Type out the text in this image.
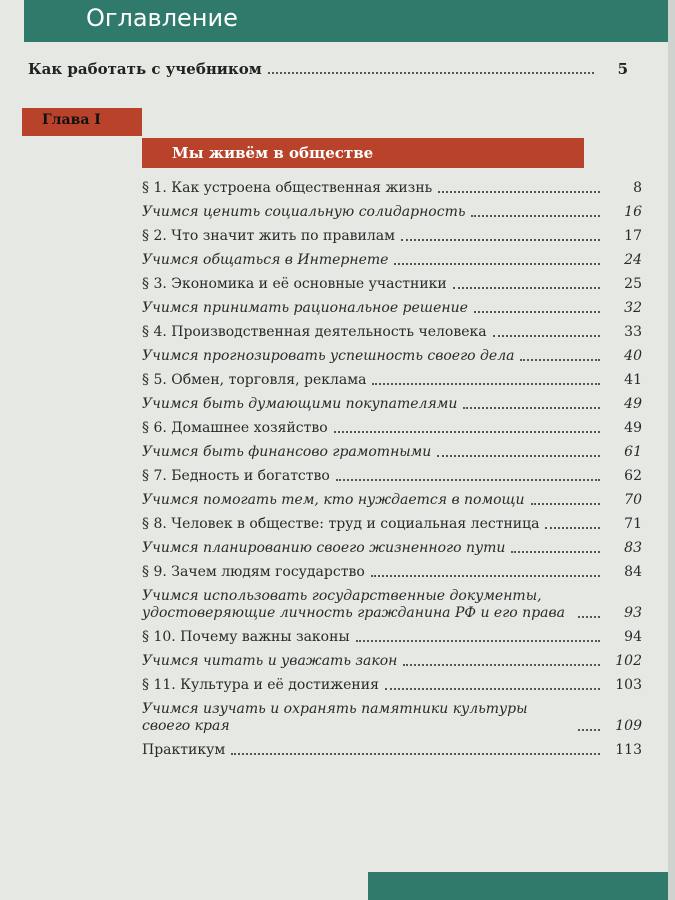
Оглавление
Как работать с учебником	5
Глава I
Мы живём в обществе
§ 1. Как устроена общественная жизнь	8
Учимся ценить социальную солидарность	16
§ 2. Что значит жить по правилам	17
Учимся общаться в Интернете	24
§ 3. Экономика и её основные участники	25
Учимся принимать рациональное решение	32
§ 4. Производственная деятельность человека	33
Учимся прогнозировать успешность своего дела	40
§ 5. Обмен, торговля, реклама	41
Учимся быть думающими покупателями	49
§ 6. Домашнее хозяйство	49
Учимся быть финансово грамотными	61
§ 7. Бедность и богатство	62
Учимся помогать тем, кто нуждается в помощи	70
§ 8. Человек в обществе: труд и социальная лестница	71
Учимся планированию своего жизненного пути	83
§ 9. Зачем людям государство	84
Учимся использовать государственные документы, удостоверяющие личность гражданина РФ и его права	93
§ 10. Почему важны законы	94
Учимся читать и уважать закон	102
§ 11. Культура и её достижения	103
Учимся изучать и охранять памятники культуры своего края	109
Практикум	113
